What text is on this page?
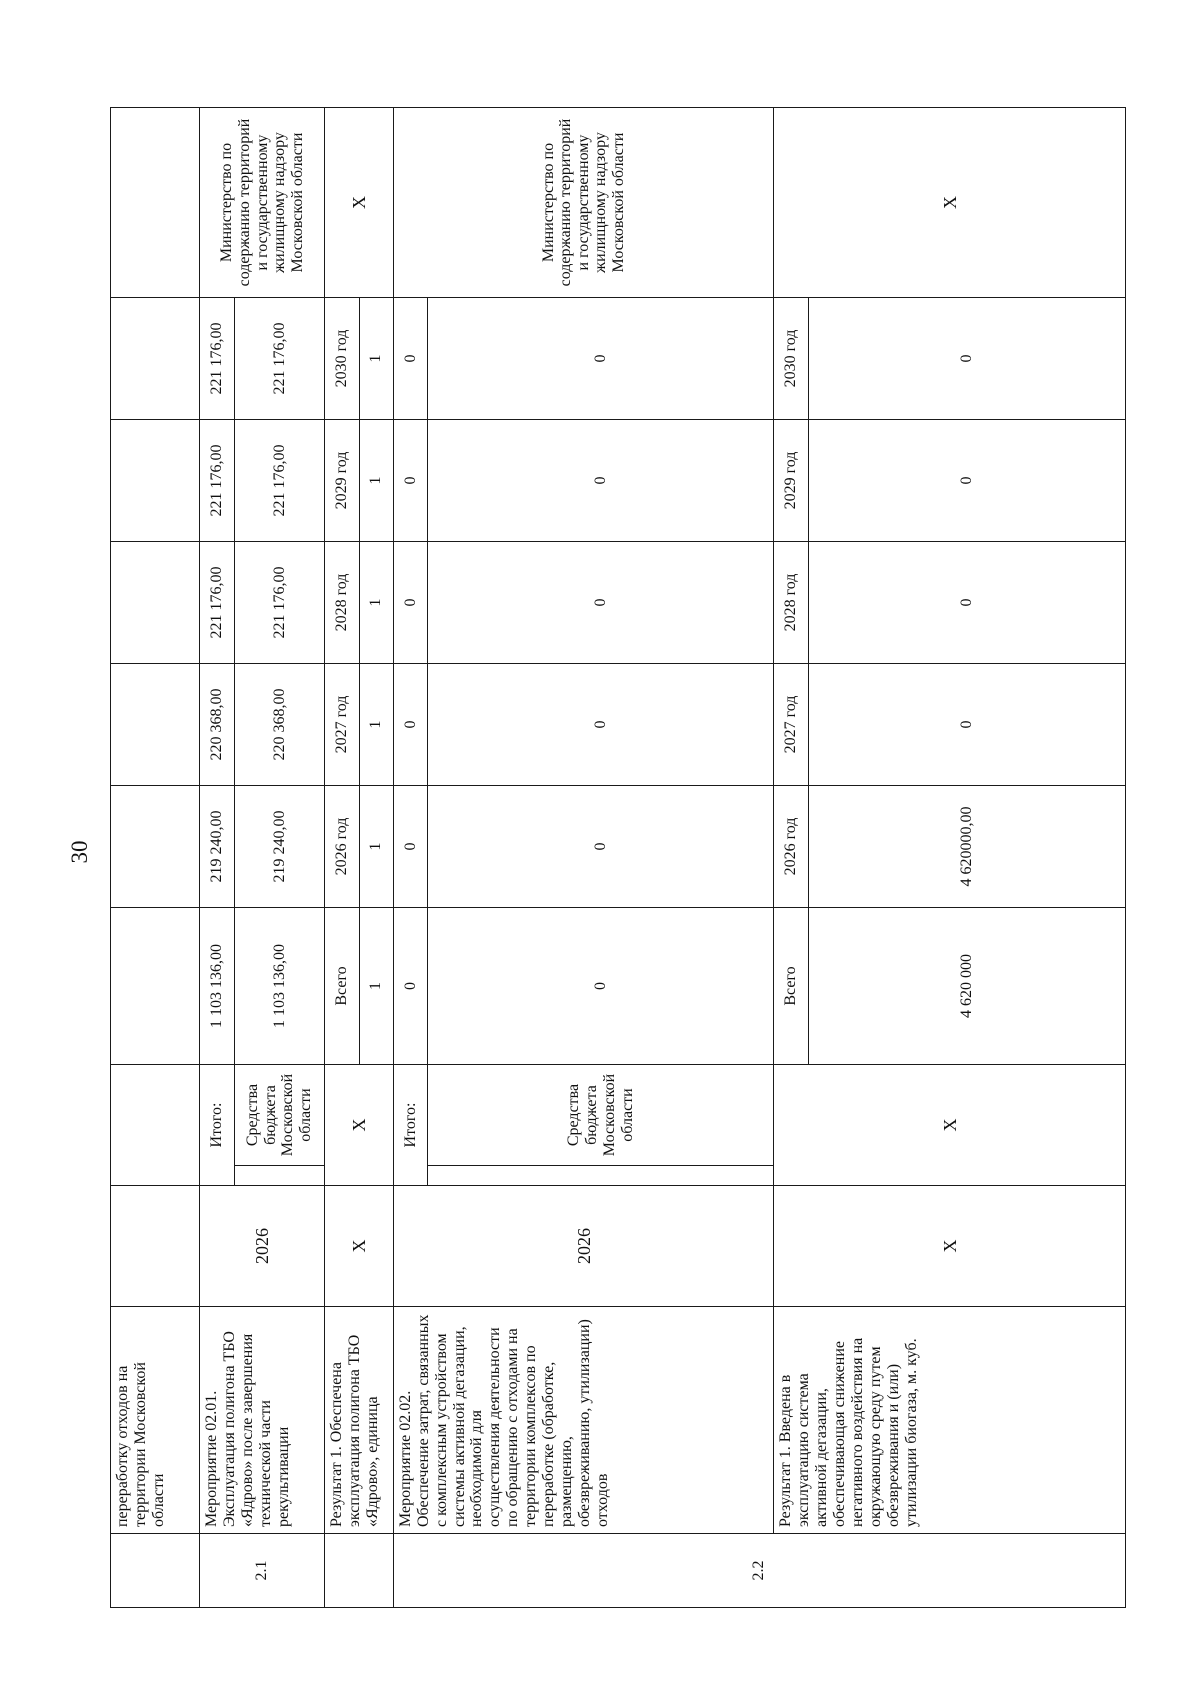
30
	переработку отходов на территории Московской области										
2.1	Мероприятие 02.01. Эксплуатация полигона ТБО «Ядрово» после завершения технической части рекультивации	2026	Итого:		1 103 136,00	219 240,00	220 368,00	221 176,00	221 176,00	221 176,00	Министерство по содержанию территорий и государственному жилищному надзору Московской области
				Средства бюджета Московской области	1 103 136,00	219 240,00	220 368,00	221 176,00	221 176,00	221 176,00	
	Результат 1. Обеспечена эксплуатация полигона ТБО «Ядрово», единица	X	X		Всего	2026 год	2027 год	2028 год	2029 год	2030 год	X
					1	1	1	1	1	1	
2.2	Мероприятие 02.02. Обеспечение затрат, связанных с комплексным устройством системы активной дегазации, необходимой для осуществления деятельности по обращению с отходами на территории комплексов по переработке (обработке, размещению, обезвреживанию, утилизации) отходов	2026	Итого:		0	0	0	0	0	0	Министерство по содержанию территорий и государственному жилищному надзору Московской области
				Средства бюджета Московской области	0	0	0	0	0	0	
	Результат 1. Введена в эксплуатацию система активной дегазации, обеспечивающая снижение негативного воздействия на окружающую среду путем обезвреживания и (или) утилизации биогаза, м. куб.	X	X		Всего	2026 год	2027 год	2028 год	2029 год	2030 год	X
					4 620 000	4 620000,00	0	0	0	0	
